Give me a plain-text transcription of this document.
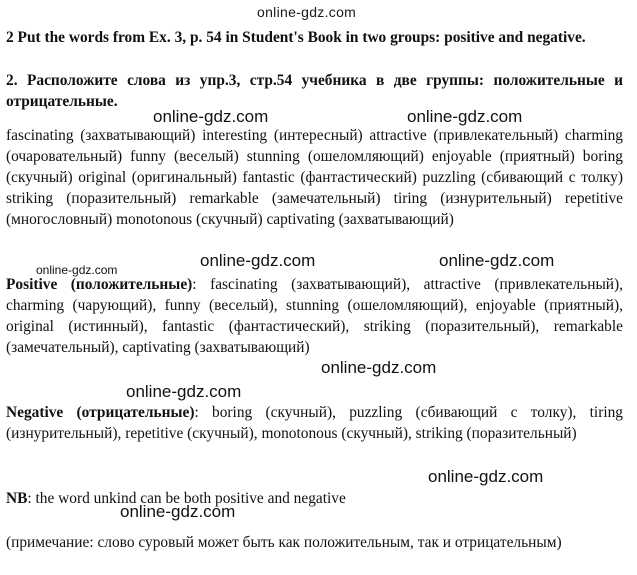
online-gdz.com
online-gdz.com	online-gdz.com
online-gdz.com	online-gdz.com
online-gdz.com
online-gdz.com
online-gdz.com
online-gdz.com
online-gdz.com
2 Put the words from Ex. 3, p. 54 in Student's Book in two groups: positive and negative.
2. Расположите слова из упр.3, стр.54 учебника в две группы: положительные и отрицательные.
fascinating (захватывающий) interesting (интересный) attractive (привлекательный) charming (очаровательный) funny (веселый) stunning (ошеломляющий) enjoyable (приятный) boring (скучный) original (оригинальный) fantastic (фантастический) puzzling (сбивающий с толку) striking (поразительный) remarkable (замечательный) tiring (изнурительный) repetitive (многословный) monotonous (скучный) captivating (захватывающий)
Positive (положительные): fascinating (захватывающий), attractive (привлекательный), charming (чарующий), funny (веселый), stunning (ошеломляющий), enjoyable (приятный), original (истинный), fantastic (фантастический), striking (поразительный), remarkable (замечательный), captivating (захватывающий)
Negative (отрицательные): boring (скучный), puzzling (сбивающий с толку), tiring (изнурительный), repetitive (скучный), monotonous (скучный), striking (поразительный)
NB: the word unkind can be both positive and negative
(примечание: слово суровый может быть как положительным, так и отрицательным)
